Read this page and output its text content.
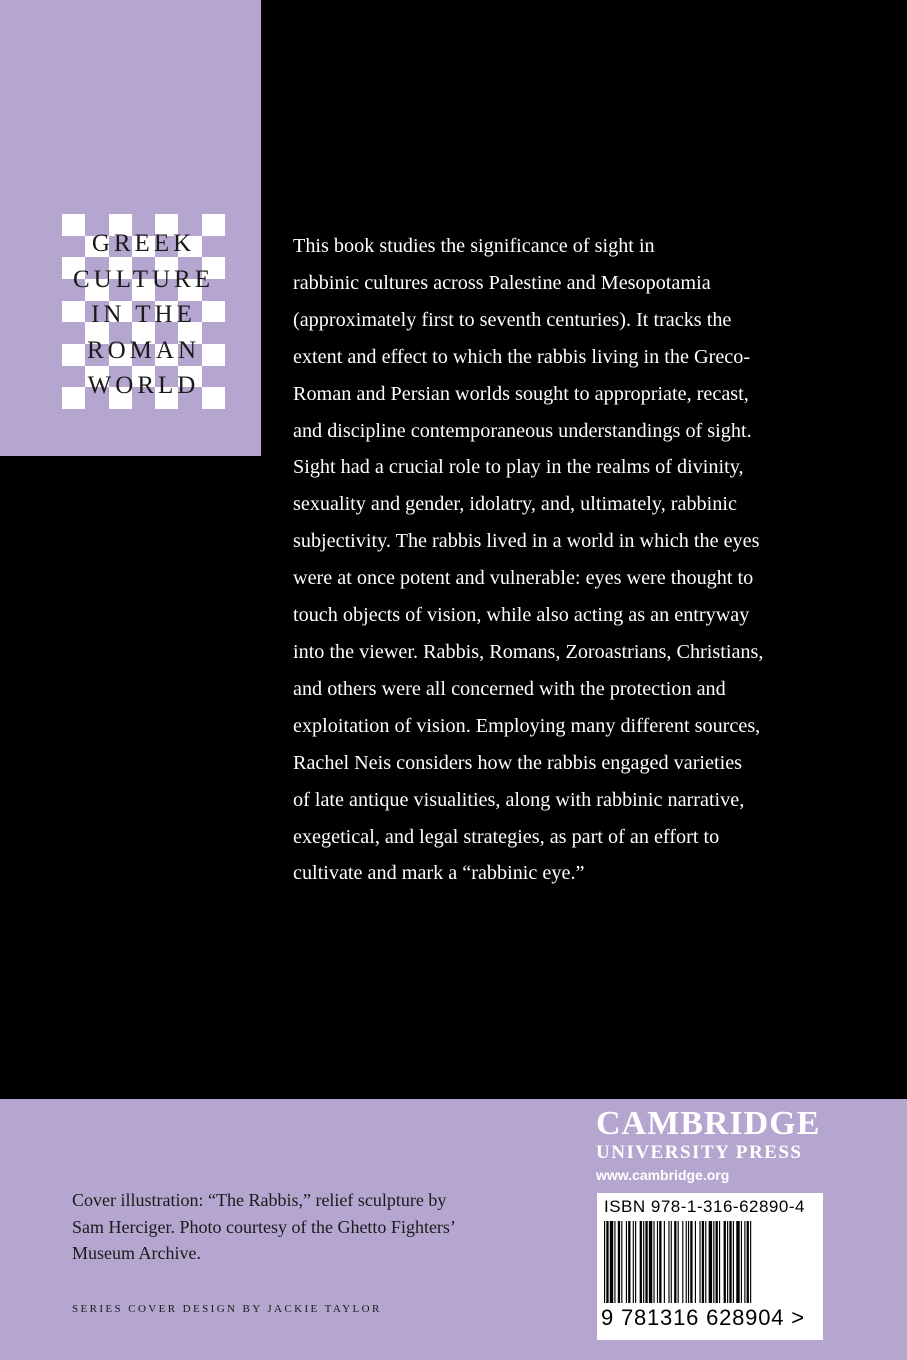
GREEK
CULTURE
IN THE
ROMAN
WORLD
This book studies the significance of sight in
rabbinic cultures across Palestine and Mesopotamia
(approximately first to seventh centuries). It tracks the
extent and effect to which the rabbis living in the Greco-
Roman and Persian worlds sought to appropriate, recast,
and discipline contemporaneous understandings of sight.
Sight had a crucial role to play in the realms of divinity,
sexuality and gender, idolatry, and, ultimately, rabbinic
subjectivity. The rabbis lived in a world in which the eyes
were at once potent and vulnerable: eyes were thought to
touch objects of vision, while also acting as an entryway
into the viewer. Rabbis, Romans, Zoroastrians, Christians,
and others were all concerned with the protection and
exploitation of vision. Employing many different sources,
Rachel Neis considers how the rabbis engaged varieties
of late antique visualities, along with rabbinic narrative,
exegetical, and legal strategies, as part of an effort to
cultivate and mark a “rabbinic eye.”
Cover illustration: “The Rabbis,” relief sculpture by
Sam Herciger. Photo courtesy of the Ghetto Fighters’
Museum Archive.
SERIES COVER DESIGN BY JACKIE TAYLOR

CAMBRIDGE

UNIVERSITY PRESS

www.cambridge.org

ISBN 978-1-316-62890-4
9 781316 628904 >
